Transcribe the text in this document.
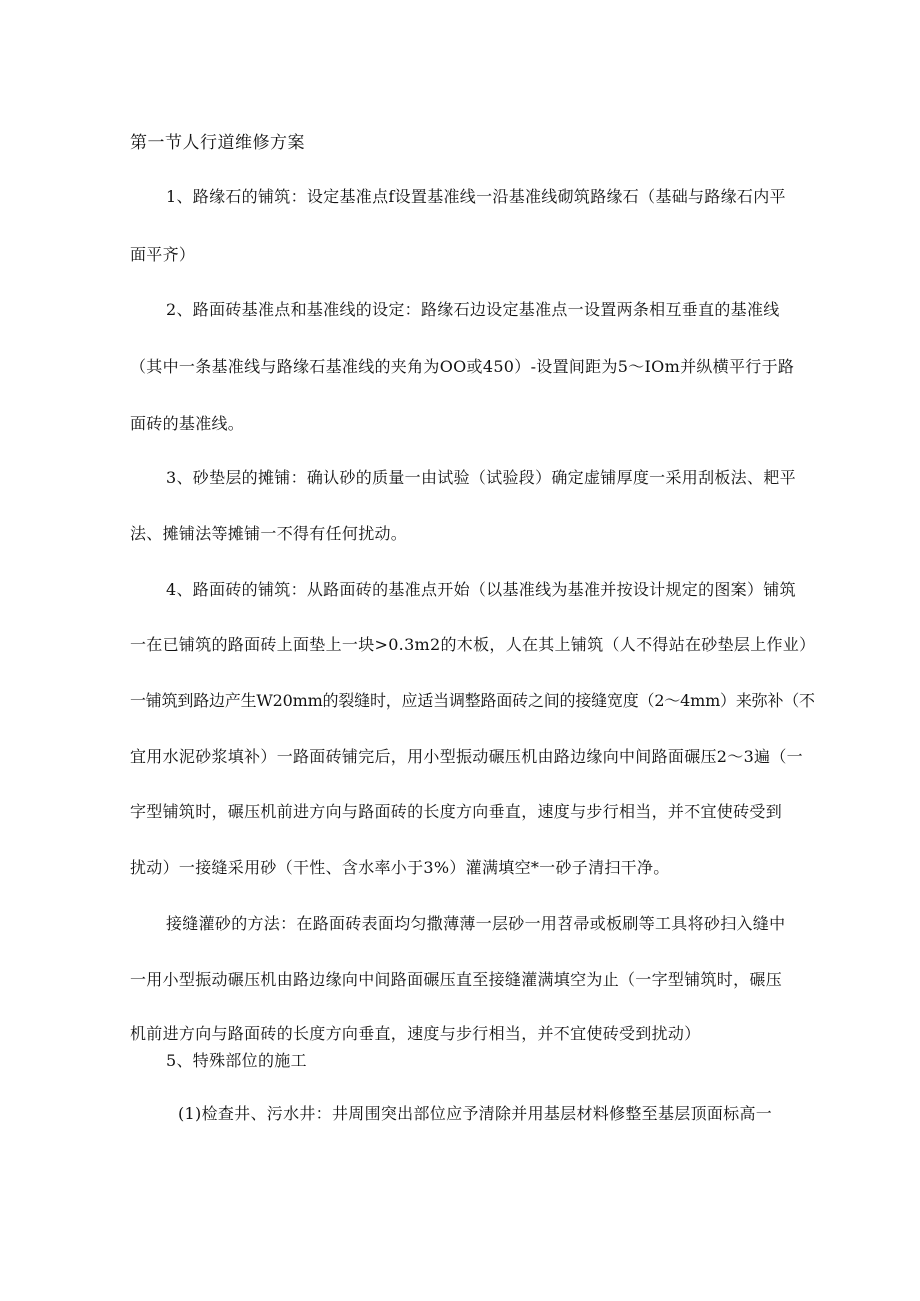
第一节人行道维修方案
1、路缘石的铺筑：设定基准点f设置基准线一沿基准线砌筑路缘石（基础与路缘石内平
面平齐）
2、路面砖基准点和基准线的设定：路缘石边设定基准点一设置两条相互垂直的基准线
（其中一条基准线与路缘石基准线的夹角为OO或450）-设置间距为5～IOm并纵横平行于路
面砖的基准线。
3、砂垫层的摊铺：确认砂的质量一由试验（试验段）确定虚铺厚度一采用刮板法、耙平
法、摊铺法等摊铺一不得有任何扰动。
4、路面砖的铺筑：从路面砖的基准点开始（以基准线为基准并按设计规定的图案）铺筑
一在已铺筑的路面砖上面垫上一块>0.3m2的木板，人在其上铺筑（人不得站在砂垫层上作业）
一铺筑到路边产生W20mm的裂缝时，应适当调整路面砖之间的接缝宽度（2～4mm）来弥补（不
宜用水泥砂浆填补）一路面砖铺完后，用小型振动碾压机由路边缘向中间路面碾压2～3遍（一
字型铺筑时，碾压机前进方向与路面砖的长度方向垂直，速度与步行相当，并不宜使砖受到
扰动）一接缝采用砂（干性、含水率小于3%）灌满填空*一砂子清扫干净。
接缝灌砂的方法：在路面砖表面均匀撒薄薄一层砂一用苕帚或板刷等工具将砂扫入缝中
一用小型振动碾压机由路边缘向中间路面碾压直至接缝灌满填空为止（一字型铺筑时，碾压
机前进方向与路面砖的长度方向垂直，速度与步行相当，并不宜使砖受到扰动）
5、特殊部位的施工
(1)检查井、污水井：井周围突出部位应予清除并用基层材料修整至基层顶面标高一
